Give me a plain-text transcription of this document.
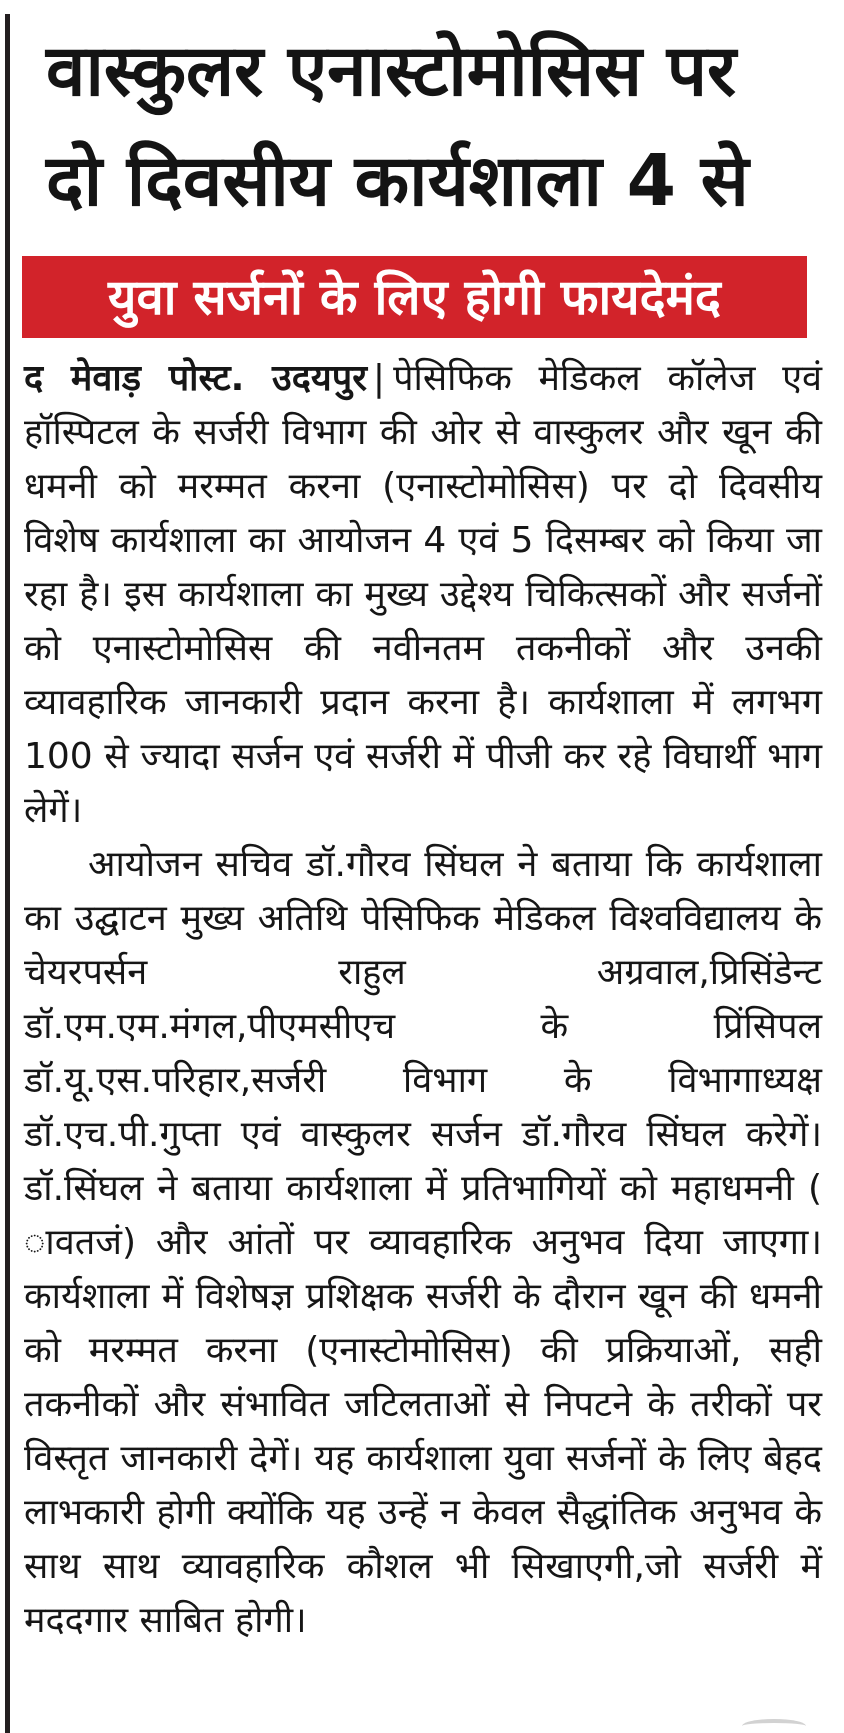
वास्कुलर एनास्टोमोसिस पर
दो दिवसीय कार्यशाला 4 से
युवा सर्जनों के लिए होगी फायदेमंद

द मेवाड़ पोस्ट. उदयपुर | पेसिफिक मेडिकल कॉलेज एवं हॉस्पिटल के सर्जरी विभाग की ओर से वास्कुलर और खून की धमनी को मरम्मत करना (एनास्टोमोसिस) पर दो दिवसीय विशेष कार्यशाला का आयोजन 4 एवं 5 दिसम्बर को किया जा रहा है। इस कार्यशाला का मुख्य उद्देश्य चिकित्सकों और सर्जनों को एनास्टोमोसिस की नवीनतम तकनीकों और उनकी व्यावहारिक जानकारी प्रदान करना है। कार्यशाला में लगभग 100 से ज्यादा सर्जन एवं सर्जरी में पीजी कर रहे विघार्थी भाग लेगें।

आयोजन सचिव डॉ.गौरव सिंघल ने बताया कि कार्यशाला का उद्घाटन मुख्य अतिथि पेसिफिक मेडिकल विश्वविद्यालय के चेयरपर्सन राहुल अग्रवाल,प्रिसिंडेन्ट डॉ.एम.एम.मंगल,पीएमसीएच के प्रिंसिपल डॉ.यू.एस.परिहार,सर्जरी विभाग के विभागाध्यक्ष डॉ.एच.पी.गुप्ता एवं वास्कुलर सर्जन डॉ.गौरव सिंघल करेगें। डॉ.सिंघल ने बताया कार्यशाला में प्रतिभागियों को महाधमनी ( ावतजं) और आंतों पर व्यावहारिक अनुभव दिया जाएगा। कार्यशाला में विशेषज्ञ प्रशिक्षक सर्जरी के दौरान खून की धमनी को मरम्मत करना (एनास्टोमोसिस) की प्रक्रियाओं, सही तकनीकों और संभावित जटिलताओं से निपटने के तरीकों पर विस्तृत जानकारी देगें। यह कार्यशाला युवा सर्जनों के लिए बेहद लाभकारी होगी क्योंकि यह उन्हें न केवल सैद्धांतिक अनुभव के साथ साथ व्यावहारिक कौशल भी सिखाएगी,जो सर्जरी में मददगार साबित होगी।
